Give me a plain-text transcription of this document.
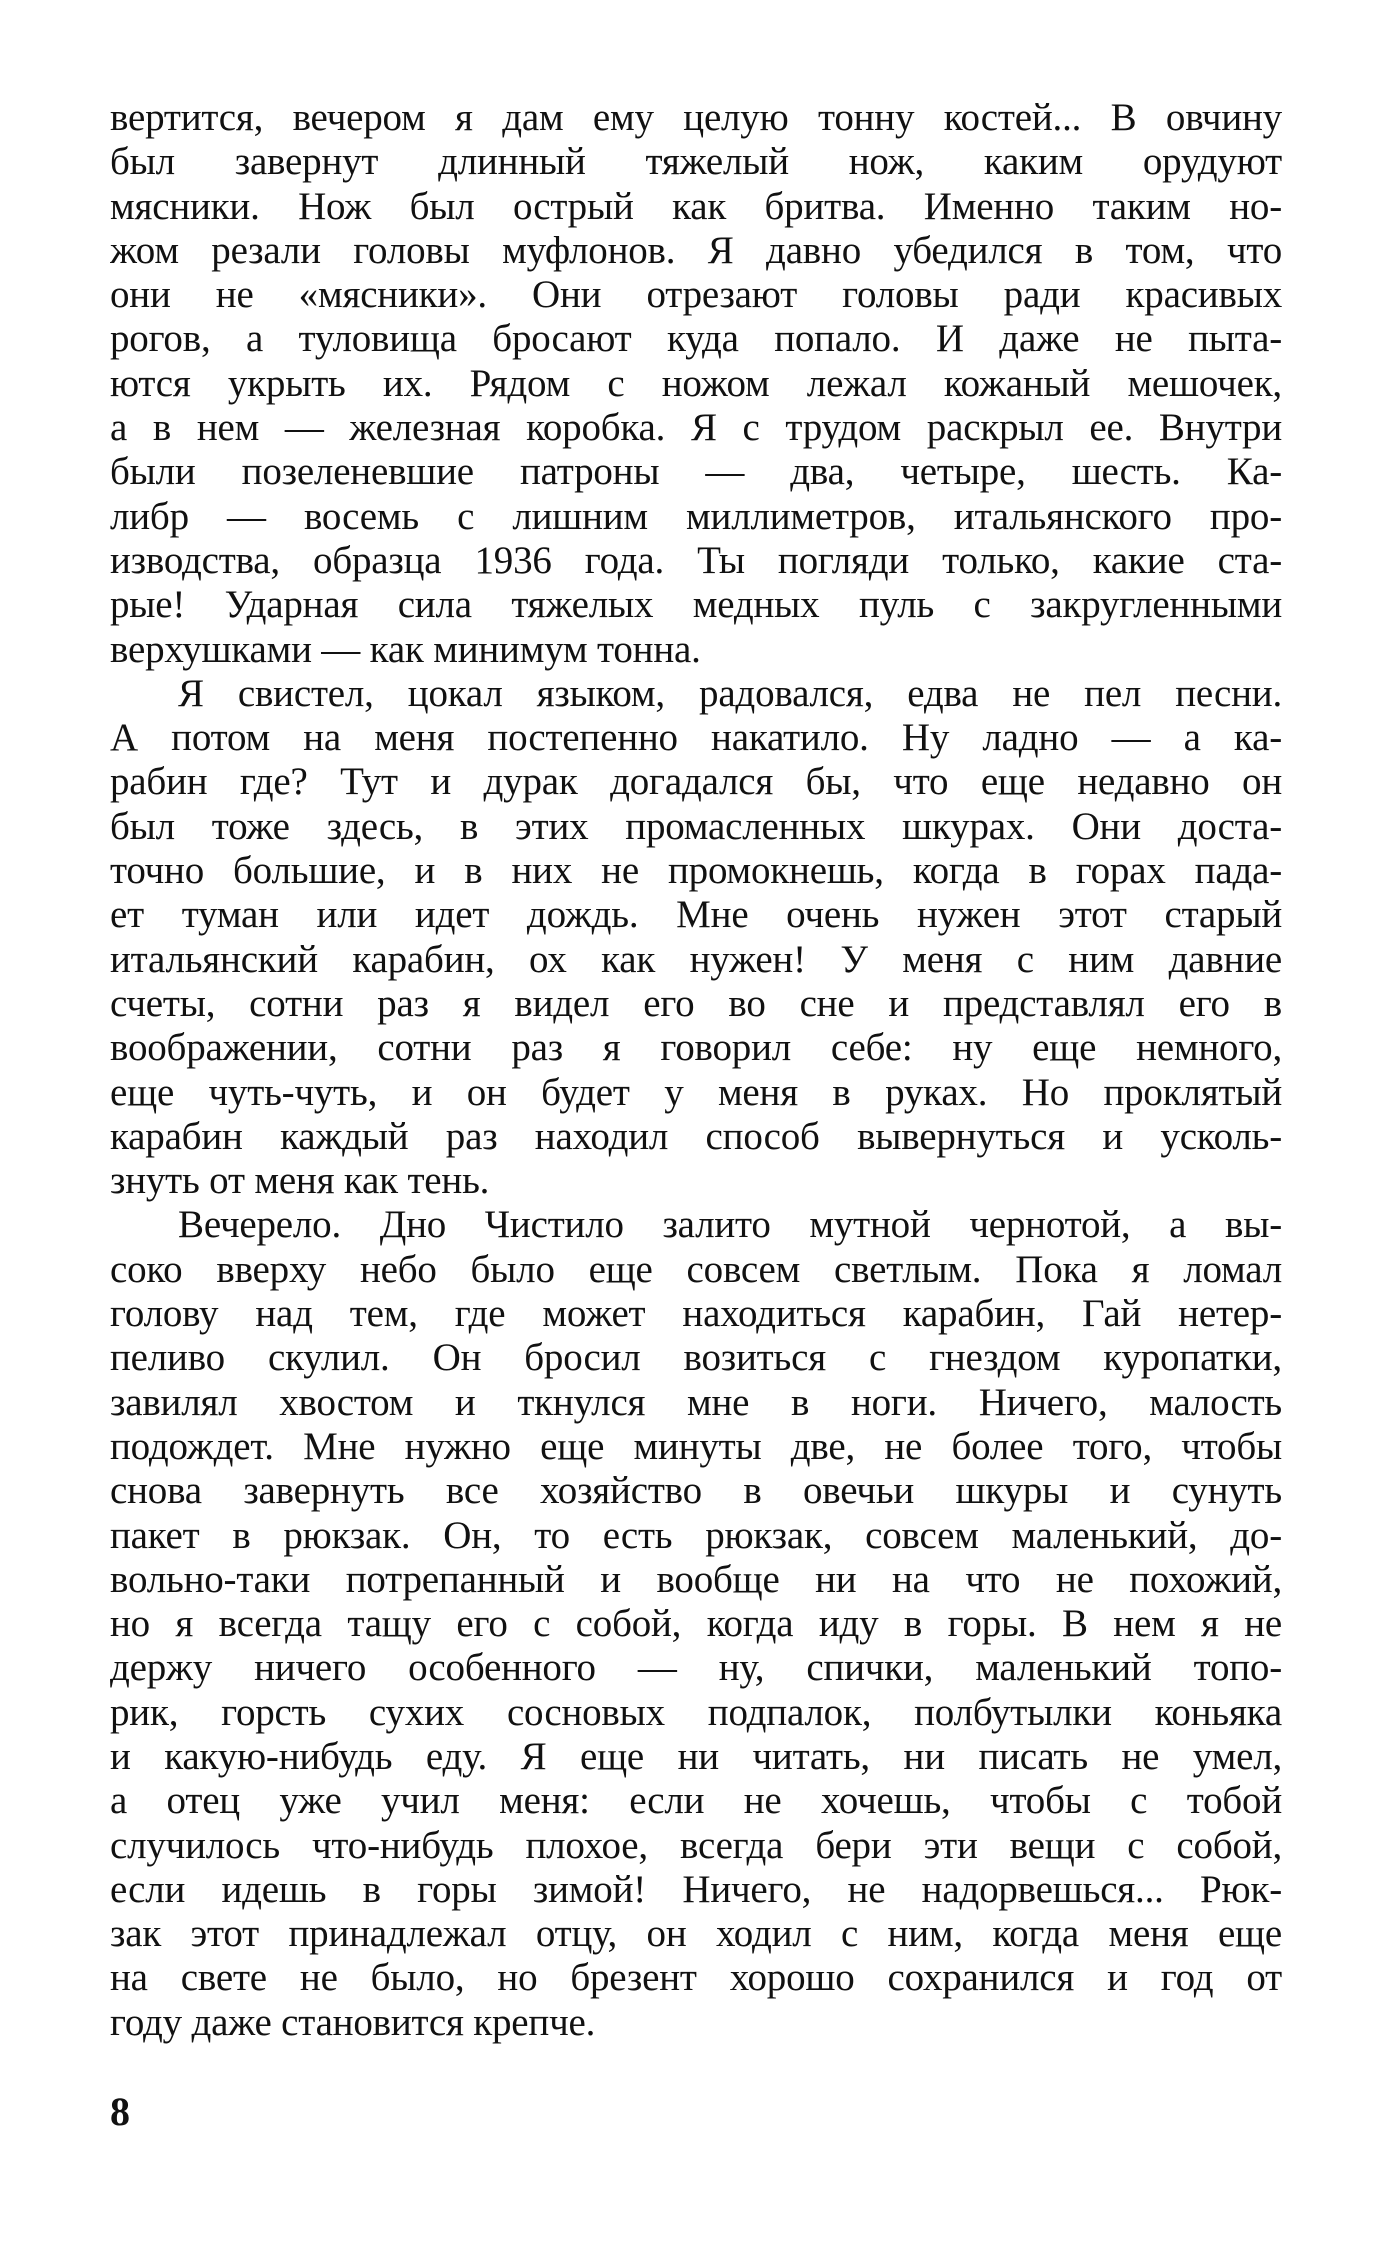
вертится, вечером я дам ему целую тонну костей... В овчину
был завернут длинный тяжелый нож, каким орудуют
мясники. Нож был острый как бритва. Именно таким но-
жом резали головы муфлонов. Я давно убедился в том, что
они не «мясники». Они отрезают головы ради красивых
рогов, а туловища бросают куда попало. И даже не пыта-
ются укрыть их. Рядом с ножом лежал кожаный мешочек,
а в нем — железная коробка. Я с трудом раскрыл ее. Внутри
были позеленевшие патроны — два, четыре, шесть. Ка-
либр — восемь с лишним миллиметров, итальянского про-
изводства, образца 1936 года. Ты погляди только, какие ста-
рые! Ударная сила тяжелых медных пуль с закругленными
верхушками — как минимум тонна.
Я свистел, цокал языком, радовался, едва не пел песни.
А потом на меня постепенно накатило. Ну ладно — а ка-
рабин где? Тут и дурак догадался бы, что еще недавно он
был тоже здесь, в этих промасленных шкурах. Они доста-
точно большие, и в них не промокнешь, когда в горах пада-
ет туман или идет дождь. Мне очень нужен этот старый
итальянский карабин, ох как нужен! У меня с ним давние
счеты, сотни раз я видел его во сне и представлял его в
воображении, сотни раз я говорил себе: ну еще немного,
еще чуть-чуть, и он будет у меня в руках. Но проклятый
карабин каждый раз находил способ вывернуться и усколь-
знуть от меня как тень.
Вечерело. Дно Чистило залито мутной чернотой, а вы-
соко вверху небо было еще совсем светлым. Пока я ломал
голову над тем, где может находиться карабин, Гай нетер-
пеливо скулил. Он бросил возиться с гнездом куропатки,
завилял хвостом и ткнулся мне в ноги. Ничего, малость
подождет. Мне нужно еще минуты две, не более того, чтобы
снова завернуть все хозяйство в овечьи шкуры и сунуть
пакет в рюкзак. Он, то есть рюкзак, совсем маленький, до-
вольно-таки потрепанный и вообще ни на что не похожий,
но я всегда тащу его с собой, когда иду в горы. В нем я не
держу ничего особенного — ну, спички, маленький топо-
рик, горсть сухих сосновых подпалок, полбутылки коньяка
и какую-нибудь еду. Я еще ни читать, ни писать не умел,
а отец уже учил меня: если не хочешь, чтобы с тобой
случилось что-нибудь плохое, всегда бери эти вещи с собой,
если идешь в горы зимой! Ничего, не надорвешься... Рюк-
зак этот принадлежал отцу, он ходил с ним, когда меня еще
на свете не было, но брезент хорошо сохранился и год от
году даже становится крепче.
8
